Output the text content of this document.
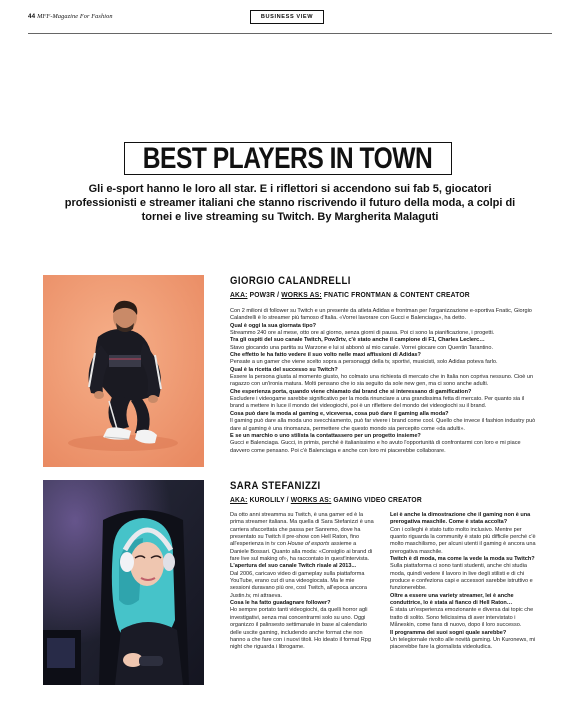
44 MFF-Magazine For Fashion	BUSINESS VIEW
BEST PLAYERS IN TOWN
Gli e-sport hanno le loro all star. E i riflettori si accendono sui fab 5, giocatori professionisti e streamer italiani che stanno riscrivendo il futuro della moda, a colpi di tornei e live streaming su Twitch. By Margherita Malaguti
GIORGIO CALANDRELLI
AKA: POW3R / WORKS AS: FNATIC FRONTMAN & CONTENT CREATOR
Con 2 milioni di follower su Twitch e un presente da atleta Adidas e frontman per l'organizzazione e-sportiva Fnatic, Giorgio Calandrelli è lo streamer più famoso d'Italia. «Vorrei lavorare con Gucci e Balenciaga», ha detto.
Qual è oggi la sua giornata tipo?
Streammo 240 ore al mese, otto ore al giorno, senza giorni di pausa. Poi ci sono la pianificazione, i progetti.
Tra gli ospiti del suo canale Twitch, Pow3rtv, c'è stato anche il campione di F1, Charles Leclerc…
Stavo giocando una partita su Warzone e lui si abbonò al mio canale. Vorrei giocare con Quentin Tarantino.
Che effetto le ha fatto vedere il suo volto nelle maxi affissioni di Adidas?
Pensate a un gamer che viene scelto sopra a personaggi della tv, sportivi, musicisti, solo Adidas poteva farlo.
Qual è la ricetta del successo su Twitch?
Essere la persona giusta al momento giusto, ho colmato una richiesta di mercato che in Italia non copriva nessuno. Cioè un ragazzo con un'ironia matura. Molti pensano che io sia seguito da sole new gen, ma ci sono anche adulti.
Che esperienza porta, quando viene chiamato dai brand che si interessano di gamification?
Escludere i videogame sarebbe significativo per la moda rinunciare a una grandissima fetta di mercato. Per quanto sia il brand a mettere in luce il mondo dei videogiochi, poi è un riflettere del mondo dei videogiochi su il brand.
Cosa può dare la moda al gaming e, viceversa, cosa può dare il gaming alla moda?
Il gaming può dare alla moda uno svecchiamento, può far vivere i brand come cool. Quello che invece il fashion industry può dare al gaming è una rinomanza, permettere che questo mondo sia percepito come «da adulti».
E se un marchio o uno stilista la contattassero per un progetto insieme?
Gucci e Balenciaga. Gucci, in primis, perché è italianissimo e ho avuto l'opportunità di confrontarmi con loro e mi piace davvero come pensano. Poi c'è Balenciaga e anche con loro mi piacerebbe collaborare.
SARA STEFANIZZI
AKA: KUROLILY / WORKS AS: GAMING VIDEO CREATOR
Da otto anni streamma su Twitch, è una gamer ed è la prima streamer italiana. Ma quella di Sara Stefanizzi è una carriera sfaccettata che passa per Sanremo, dove ha presentato su Twitch il pre-show con Hell Raton, fino all'esperienza in tv con House of esports assieme a Daniele Bossari. Quanto alla moda: «Consiglio ai brand di fare live sul making of», ha raccontato in quest'intervista.
L'apertura del suo canale Twitch risale al 2013...
Dal 2006, caricavo video di gameplay sulla piattaforma YouTube, erano cut di una videogiocata. Ma le mie sessioni duravano più ore, così Twitch, all'epoca ancora Justin.tv, mi attraeva.
Cosa le ha fatto guadagnare follower?
Ho sempre portato tanti videogiochi, da quelli horror agli investigativi, senza mai concentrarmi solo su uno. Oggi organizzo il palinsesto settimanale in base al calendario delle uscite gaming, includendo anche format che non hanno a che fare con i nuovi titoli. Ho ideato il format Rpg night che riguarda i librogame.
Lei è anche la dimostrazione che il gaming non è una prerogativa maschile. Come è stata accolta?
Con i colleghi è stato tutto molto inclusivo. Mentre per quanto riguarda la community è stato più difficile perché c'è molto maschilismo, per alcuni utenti il gaming è ancora una prerogativa maschile.
Twitch è di moda, ma come la vede la moda su Twitch?
Sulla piattaforma ci sono tanti studenti, anche chi studia moda, quindi vedere il lavoro in live degli stilisti e di chi produce e confeziona capi e accessori sarebbe istruttivo e funzionerebbe.
Oltre a essere una variety streamer, lei è anche conduttrice, lo è stata al fianco di Hell Raton…
È stata un'esperienza emozionante e diversa dai topic che tratto di solito. Sono felicissima di aver intervistato i Måneskin, come fans di nuovo, dopo il loro successo.
Il programma dei suoi sogni quale sarebbe?
Un telegiornale rivolto alle novità gaming. Un Kuronews, mi piacerebbe fare la giornalista videoludica.
